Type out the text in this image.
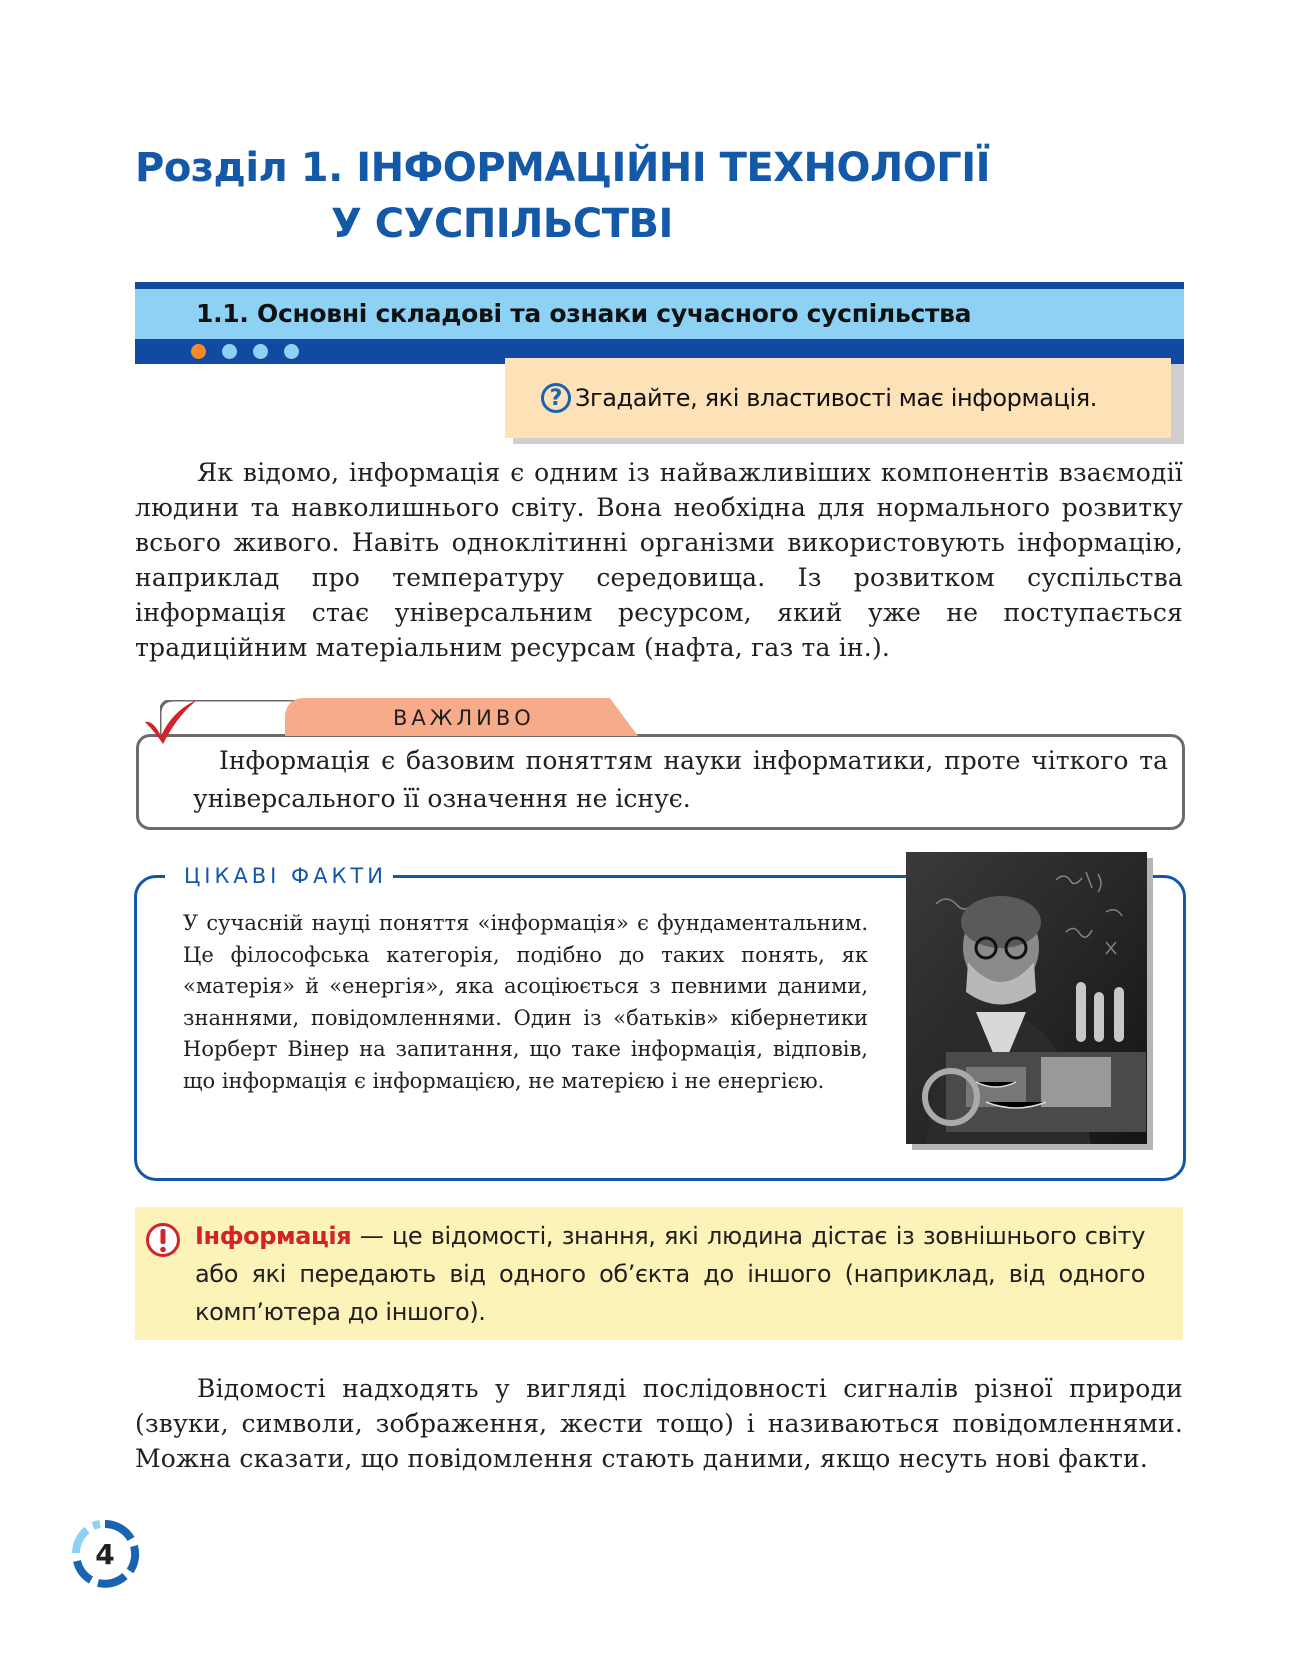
Розділ 1. ІНФОРМАЦІЙНІ ТЕХНОЛОГІЇ
У СУСПІЛЬСТВІ
1.1. Основні складові та ознаки сучасного суспільства
? Згадайте, які властивості має інформація.
Як відомо, інформація є одним із найважливіших компонентів взаємодії людини та навколишнього світу. Вона необхідна для нормального розвитку всього живого. Навіть одноклітинні організми використовують інформацію, наприклад про температуру середовища. Із розвитком суспільства інформація стає універсальним ресурсом, який уже не поступається традиційним матеріальним ресурсам (нафта, газ та ін.).
ВАЖЛИВО
Інформація є базовим поняттям науки інформатики, проте чіткого та універсального її означення не існує.
ЦІКАВІ ФАКТИ
У сучасній науці поняття «інформація» є фундаментальним. Це філософська категорія, подібно до таких понять, як «матерія» й «енергія», яка асоціюється з певними даними, знаннями, повідомленнями. Один із «батьків» кібернетики Норберт Вінер на запитання, що таке інформація, відповів, що інформація є інформацією, не матерією і не енергією.
Інформація — це відомості, знання, які людина дістає із зовнішнього світу або які передають від одного об’єкта до іншого (наприклад, від одного комп’ютера до іншого).
Відомості надходять у вигляді послідовності сигналів різної природи (звуки, символи, зображення, жести тощо) і називаються повідомленнями. Можна сказати, що повідомлення стають даними, якщо несуть нові факти.
4
